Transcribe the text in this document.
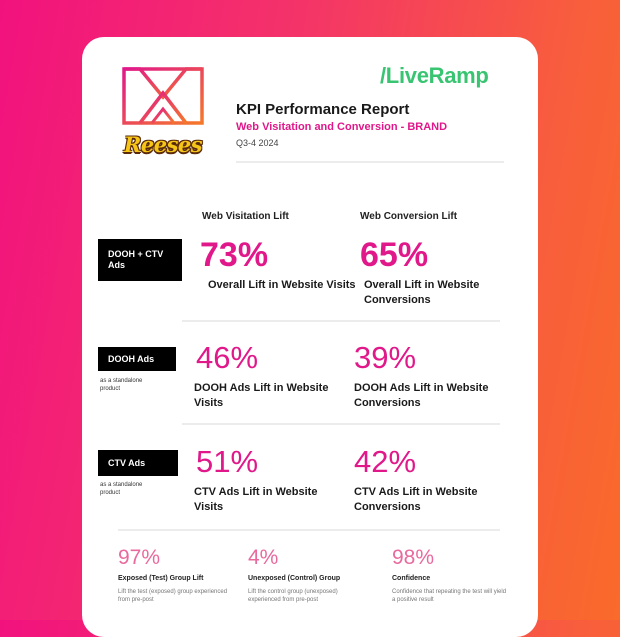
Reeses
/LiveRamp
KPI Performance Report
Web Visitation and Conversion - BRAND
Q3-4 2024
Web Visitation Lift	Web Conversion Lift
DOOH + CTV Ads	73%
Overall Lift in Website Visits
65%
Overall Lift in Website Conversions
DOOH Ads
as a standalone product
46%
DOOH Ads Lift in Website Visits
39%
DOOH Ads Lift in Website Conversions
CTV Ads
as a standalone product
51%
CTV Ads Lift in Website Visits
42%
CTV Ads Lift in Website Conversions
97%
Exposed (Test) Group Lift
Lift the test (exposed) group experienced from pre-post
4%
Unexposed (Control) Group
Lift the control group (unexposed) experienced from pre-post
98%
Confidence
Confidence that repeating the test will yield a positive result
